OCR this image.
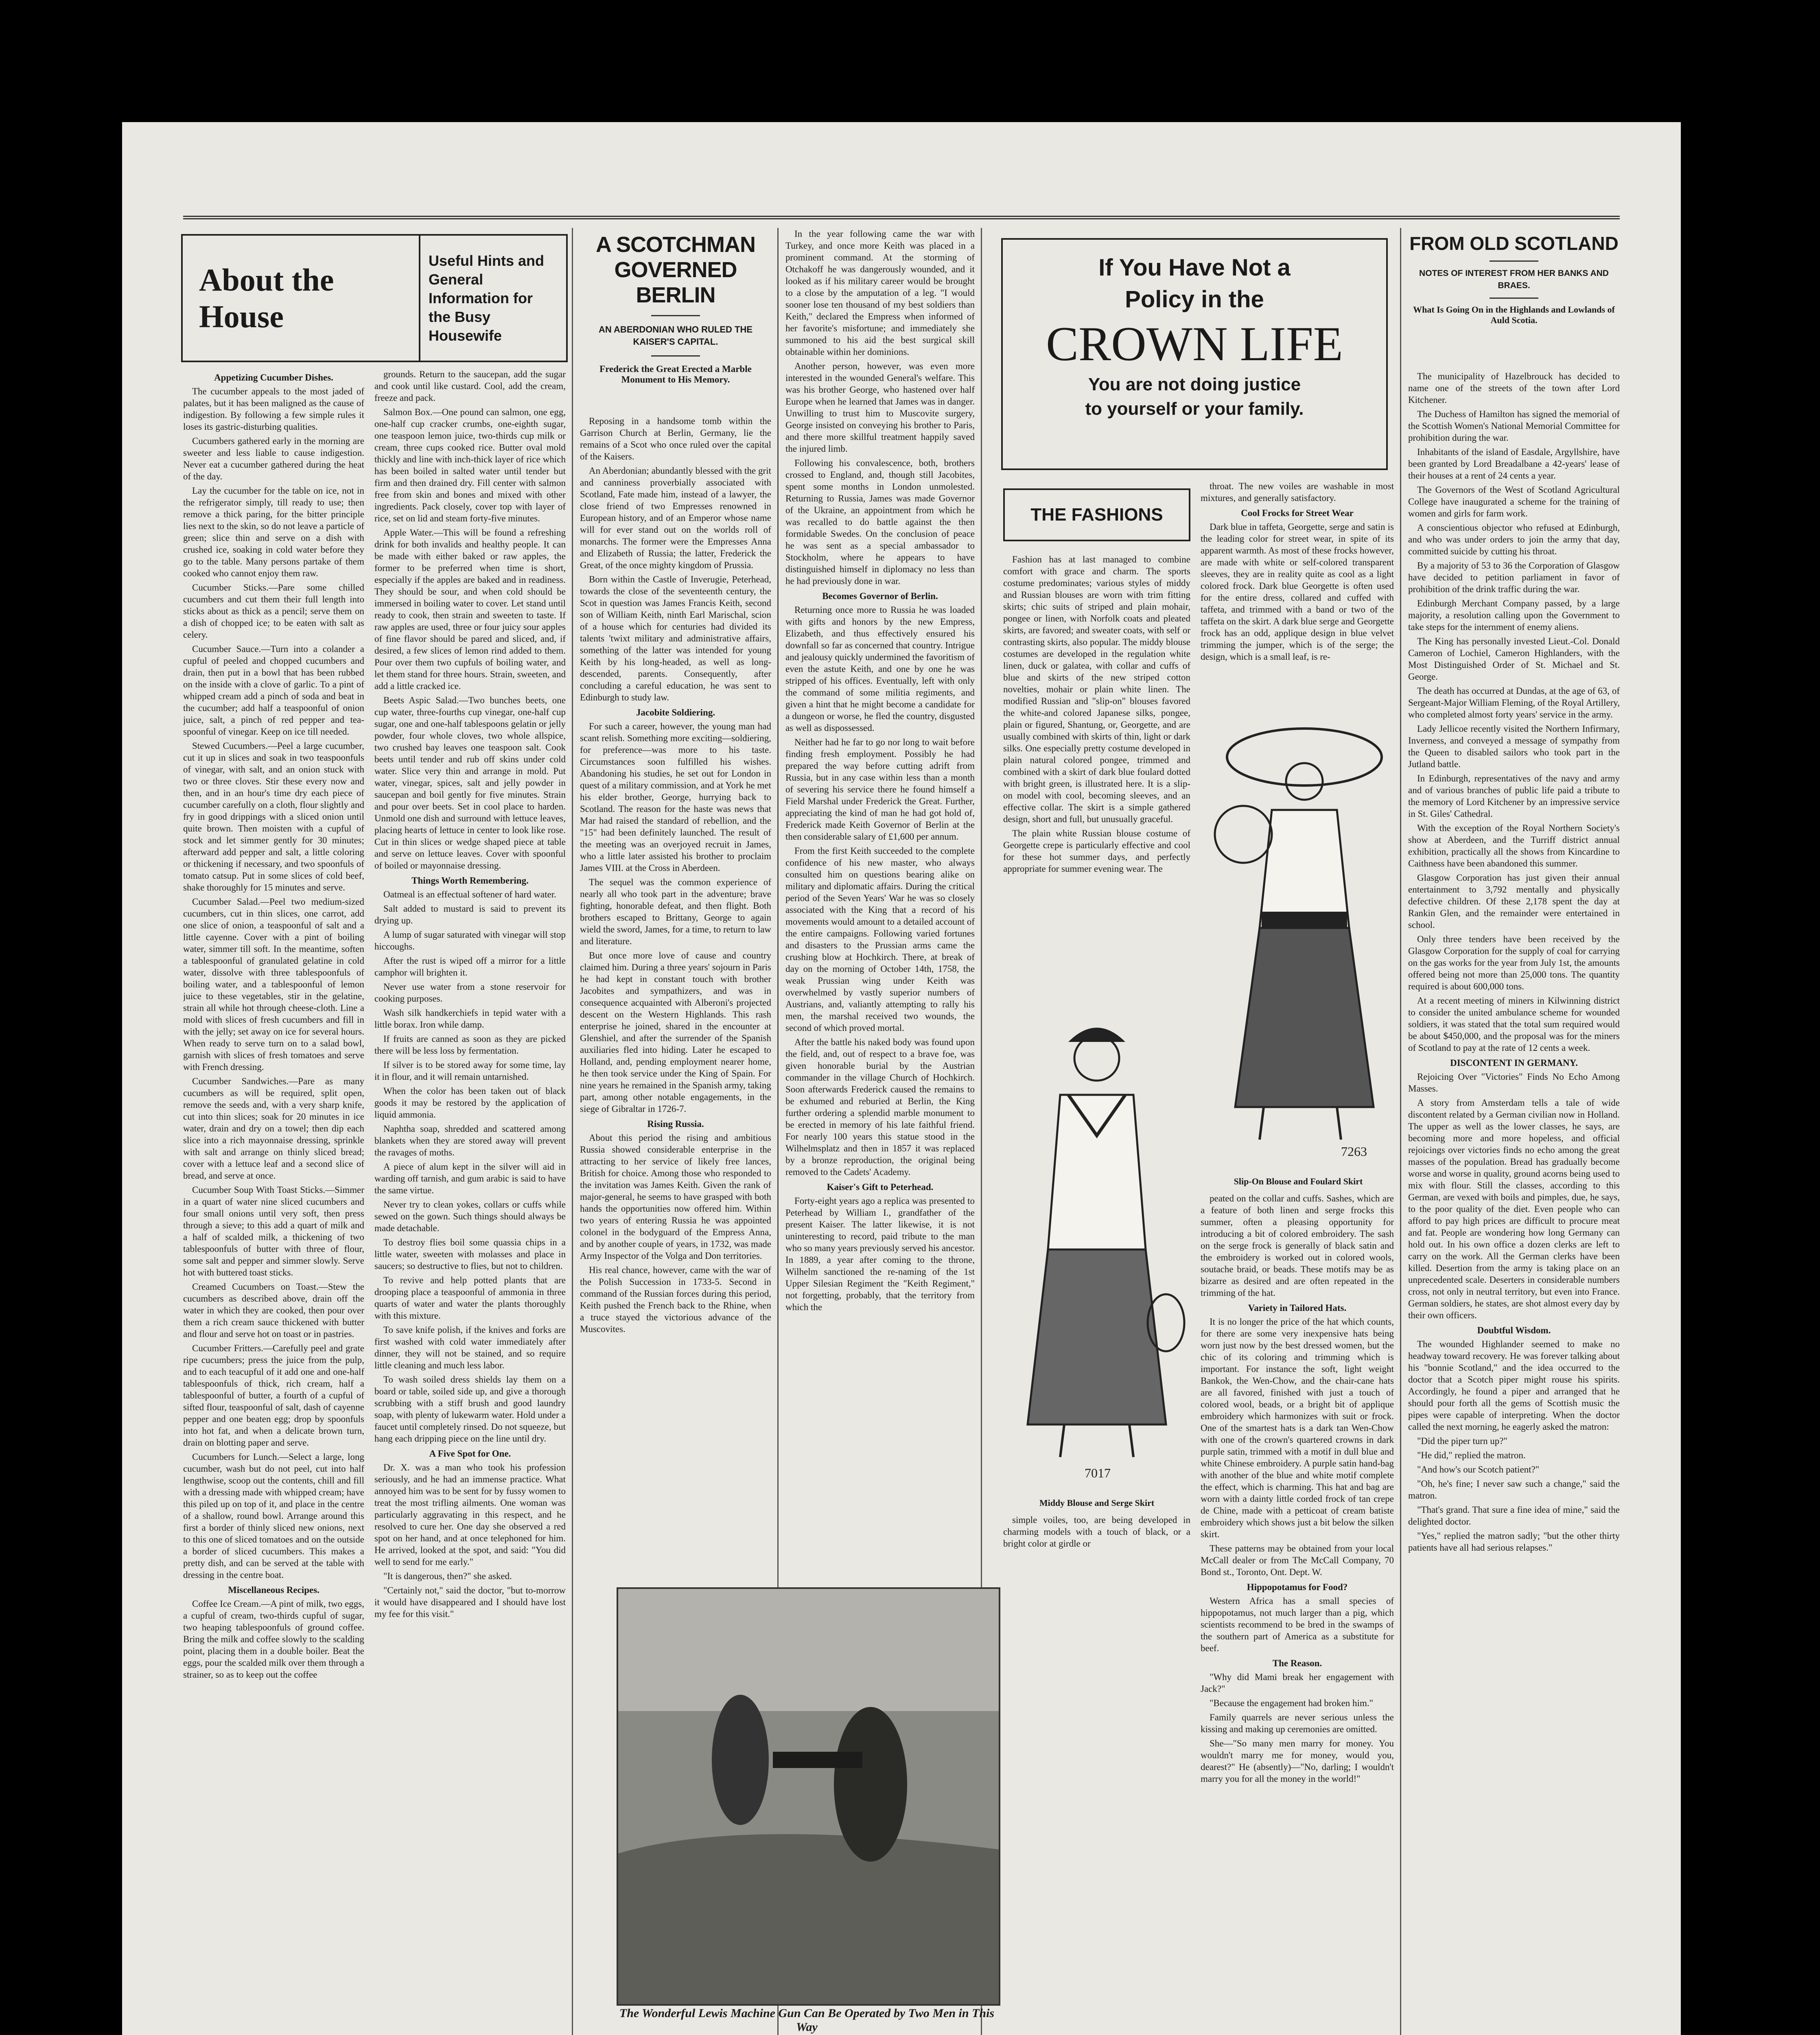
About the
House
Useful Hints and General Information for the Busy Housewife
Appetizing Cucumber Dishes.

The cucumber appeals to the most jaded of palates, but it has been maligned as the cause of indigestion. By following a few simple rules it loses its gastric-disturbing qualities.

Cucumbers gathered early in the morning are sweeter and less liable to cause indigestion. Never eat a cucumber gathered during the heat of the day.

Lay the cucumber for the table on ice, not in the refrigerator simply, till ready to use; then remove a thick paring, for the bitter principle lies next to the skin, so do not leave a particle of green; slice thin and serve on a dish with crushed ice, soaking in cold water before they go to the table. Many persons partake of them cooked who cannot enjoy them raw.

Cucumber Sticks.—Pare some chilled cucumbers and cut them their full length into sticks about as thick as a pencil; serve them on a dish of chopped ice; to be eaten with salt as celery.

Cucumber Sauce.—Turn into a colander a cupful of peeled and chopped cucumbers and drain, then put in a bowl that has been rubbed on the inside with a clove of garlic. To a pint of whipped cream add a pinch of soda and beat in the cucumber; add half a teaspoonful of onion juice, salt, a pinch of red pepper and tea-spoonful of vinegar. Keep on ice till needed.

Stewed Cucumbers.—Peel a large cucumber, cut it up in slices and soak in two teaspoonfuls of vinegar, with salt, and an onion stuck with two or three cloves. Stir these every now and then, and in an hour's time dry each piece of cucumber carefully on a cloth, flour slightly and fry in good drippings with a sliced onion until quite brown. Then moisten with a cupful of stock and let simmer gently for 30 minutes; afterward add pepper and salt, a little coloring or thickening if necessary, and two spoonfuls of tomato catsup. Put in some slices of cold beef, shake thoroughly for 15 minutes and serve.

Cucumber Salad.—Peel two medium-sized cucumbers, cut in thin slices, one carrot, add one slice of onion, a teaspoonful of salt and a little cayenne. Cover with a pint of boiling water, simmer till soft. In the meantime, soften a tablespoonful of granulated gelatine in cold water, dissolve with three tablespoonfuls of boiling water, and a tablespoonful of lemon juice to these vegetables, stir in the gelatine, strain all while hot through cheese-cloth. Line a mold with slices of fresh cucumbers and fill in with the jelly; set away on ice for several hours. When ready to serve turn on to a salad bowl, garnish with slices of fresh tomatoes and serve with French dressing.

Cucumber Sandwiches.—Pare as many cucumbers as will be required, split open, remove the seeds and, with a very sharp knife, cut into thin slices; soak for 20 minutes in ice water, drain and dry on a towel; then dip each slice into a rich mayonnaise dressing, sprinkle with salt and arrange on thinly sliced bread; cover with a lettuce leaf and a second slice of bread, and serve at once.

Cucumber Soup With Toast Sticks.—Simmer in a quart of water nine sliced cucumbers and four small onions until very soft, then press through a sieve; to this add a quart of milk and a half of scalded milk, a thickening of two tablespoonfuls of butter with three of flour, some salt and pepper and simmer slowly. Serve hot with buttered toast sticks.

Creamed Cucumbers on Toast.—Stew the cucumbers as described above, drain off the water in which they are cooked, then pour over them a rich cream sauce thickened with butter and flour and serve hot on toast or in pastries.

Cucumber Fritters.—Carefully peel and grate ripe cucumbers; press the juice from the pulp, and to each teacupful of it add one and one-half tablespoonfuls of thick, rich cream, half a tablespoonful of butter, a fourth of a cupful of sifted flour, teaspoonful of salt, dash of cayenne pepper and one beaten egg; drop by spoonfuls into hot fat, and when a delicate brown turn, drain on blotting paper and serve.

Cucumbers for Lunch.—Select a large, long cucumber, wash but do not peel, cut into half lengthwise, scoop out the contents, chill and fill with a dressing made with whipped cream; have this piled up on top of it, and place in the centre of a shallow, round bowl. Arrange around this first a border of thinly sliced new onions, next to this one of sliced tomatoes and on the outside a border of sliced cucumbers. This makes a pretty dish, and can be served at the table with dressing in the centre boat.

Miscellaneous Recipes.

Coffee Ice Cream.—A pint of milk, two eggs, a cupful of cream, two-thirds cupful of sugar, two heaping tablespoonfuls of ground coffee. Bring the milk and coffee slowly to the scalding point, placing them in a double boiler. Beat the eggs, pour the scalded milk over them through a strainer, so as to keep out the coffee

grounds. Return to the saucepan, add the sugar and cook until like custard. Cool, add the cream, freeze and pack.

Salmon Box.—One pound can salmon, one egg, one-half cup cracker crumbs, one-eighth sugar, one teaspoon lemon juice, two-thirds cup milk or cream, three cups cooked rice. Butter oval mold thickly and line with inch-thick layer of rice which has been boiled in salted water until tender but firm and then drained dry. Fill center with salmon free from skin and bones and mixed with other ingredients. Pack closely, cover top with layer of rice, set on lid and steam forty-five minutes.

Apple Water.—This will be found a refreshing drink for both invalids and healthy people. It can be made with either baked or raw apples, the former to be preferred when time is short, especially if the apples are baked and in readiness. They should be sour, and when cold should be immersed in boiling water to cover. Let stand until ready to cook, then strain and sweeten to taste. If raw apples are used, three or four juicy sour apples of fine flavor should be pared and sliced, and, if desired, a few slices of lemon rind added to them. Pour over them two cupfuls of boiling water, and let them stand for three hours. Strain, sweeten, and add a little cracked ice.

Beets Aspic Salad.—Two bunches beets, one cup water, three-fourths cup vinegar, one-half cup sugar, one and one-half tablespoons gelatin or jelly powder, four whole cloves, two whole allspice, two crushed bay leaves one teaspoon salt. Cook beets until tender and rub off skins under cold water. Slice very thin and arrange in mold. Put water, vinegar, spices, salt and jelly powder in saucepan and boil gently for five minutes. Strain and pour over beets. Set in cool place to harden. Unmold one dish and surround with lettuce leaves, placing hearts of lettuce in center to look like rose. Cut in thin slices or wedge shaped piece at table and serve on lettuce leaves. Cover with spoonful of boiled or mayonnaise dressing.

Things Worth Remembering.

Oatmeal is an effectual softener of hard water.

Salt added to mustard is said to prevent its drying up.

A lump of sugar saturated with vinegar will stop hiccoughs.

After the rust is wiped off a mirror for a little camphor will brighten it.

Never use water from a stone reservoir for cooking purposes.

Wash silk handkerchiefs in tepid water with a little borax. Iron while damp.

If fruits are canned as soon as they are picked there will be less loss by fermentation.

If silver is to be stored away for some time, lay it in flour, and it will remain untarnished.

When the color has been taken out of black goods it may be restored by the application of liquid ammonia.

Naphtha soap, shredded and scattered among blankets when they are stored away will prevent the ravages of moths.

A piece of alum kept in the silver will aid in warding off tarnish, and gum arabic is said to have the same virtue.

Never try to clean yokes, collars or cuffs while sewed on the gown. Such things should always be made detachable.

To destroy flies boil some quassia chips in a little water, sweeten with molasses and place in saucers; so destructive to flies, but not to children.

To revive and help potted plants that are drooping place a teaspoonful of ammonia in three quarts of water and water the plants thoroughly with this mixture.

To save knife polish, if the knives and forks are first washed with cold water immediately after dinner, they will not be stained, and so require little cleaning and much less labor.

To wash soiled dress shields lay them on a board or table, soiled side up, and give a thorough scrubbing with a stiff brush and good laundry soap, with plenty of lukewarm water. Hold under a faucet until completely rinsed. Do not squeeze, but hang each dripping piece on the line until dry.

A Five Spot for One.

Dr. X. was a man who took his profession seriously, and he had an immense practice. What annoyed him was to be sent for by fussy women to treat the most trifling ailments. One woman was particularly aggravating in this respect, and he resolved to cure her. One day she observed a red spot on her hand, and at once telephoned for him. He arrived, looked at the spot, and said: "You did well to send for me early."

"It is dangerous, then?" she asked.

"Certainly not," said the doctor, "but to-morrow it would have disappeared and I should have lost my fee for this visit."

A SCOTCHMAN
GOVERNED BERLIN
AN ABERDONIAN WHO RULED THE KAISER'S CAPITAL.
Frederick the Great Erected a Marble Monument to His Memory.

Reposing in a handsome tomb within the Garrison Church at Berlin, Germany, lie the remains of a Scot who once ruled over the capital of the Kaisers.

An Aberdonian; abundantly blessed with the grit and canniness proverbially associated with Scotland, Fate made him, instead of a lawyer, the close friend of two Empresses renowned in European history, and of an Emperor whose name will for ever stand out on the worlds roll of monarchs. The former were the Empresses Anna and Elizabeth of Russia; the latter, Frederick the Great, of the once mighty kingdom of Prussia.

Born within the Castle of Inverugie, Peterhead, towards the close of the seventeenth century, the Scot in question was James Francis Keith, second son of William Keith, ninth Earl Marischal, scion of a house which for centuries had divided its talents 'twixt military and administrative affairs, something of the latter was intended for young Keith by his long-headed, as well as long-descended, parents. Consequently, after concluding a careful education, he was sent to Edinburgh to study law.

Jacobite Soldiering.

For such a career, however, the young man had scant relish. Something more exciting—soldiering, for preference—was more to his taste. Circumstances soon fulfilled his wishes. Abandoning his studies, he set out for London in quest of a military commission, and at York he met his elder brother, George, hurrying back to Scotland. The reason for the haste was news that Mar had raised the standard of rebellion, and the "15" had been definitely launched. The result of the meeting was an overjoyed recruit in James, who a little later assisted his brother to proclaim James VIII. at the Cross in Aberdeen.

The sequel was the common experience of nearly all who took part in the adventure; brave fighting, honorable defeat, and then flight. Both brothers escaped to Brittany, George to again wield the sword, James, for a time, to return to law and literature.

But once more love of cause and country claimed him. During a three years' sojourn in Paris he had kept in constant touch with brother Jacobites and sympathizers, and was in consequence acquainted with Alberoni's projected descent on the Western Highlands. This rash enterprise he joined, shared in the encounter at Glenshiel, and after the surrender of the Spanish auxiliaries fled into hiding. Later he escaped to Holland, and, pending employment nearer home, he then took service under the King of Spain. For nine years he remained in the Spanish army, taking part, among other notable engagements, in the siege of Gibraltar in 1726-7.

Rising Russia.

About this period the rising and ambitious Russia showed considerable enterprise in the attracting to her service of likely free lances, British for choice. Among those who responded to the invitation was James Keith. Given the rank of major-general, he seems to have grasped with both hands the opportunities now offered him. Within two years of entering Russia he was appointed colonel in the bodyguard of the Empress Anna, and by another couple of years, in 1732, was made Army Inspector of the Volga and Don territories.

His real chance, however, came with the war of the Polish Succession in 1733-5. Second in command of the Russian forces during this period, Keith pushed the French back to the Rhine, when a truce stayed the victorious advance of the Muscovites.

In the year following came the war with Turkey, and once more Keith was placed in a prominent command. At the storming of Otchakoff he was dangerously wounded, and it looked as if his military career would be brought to a close by the amputation of a leg. "I would sooner lose ten thousand of my best soldiers than Keith," declared the Empress when informed of her favorite's misfortune; and immediately she summoned to his aid the best surgical skill obtainable within her dominions.

Another person, however, was even more interested in the wounded General's welfare. This was his brother George, who hastened over half Europe when he learned that James was in danger. Unwilling to trust him to Muscovite surgery, George insisted on conveying his brother to Paris, and there more skillful treatment happily saved the injured limb.

Following his convalescence, both, brothers crossed to England, and, though still Jacobites, spent some months in London unmolested. Returning to Russia, James was made Governor of the Ukraine, an appointment from which he was recalled to do battle against the then formidable Swedes. On the conclusion of peace he was sent as a special ambassador to Stockholm, where he appears to have distinguished himself in diplomacy no less than he had previously done in war.

Becomes Governor of Berlin.

Returning once more to Russia he was loaded with gifts and honors by the new Empress, Elizabeth, and thus effectively ensured his downfall so far as concerned that country. Intrigue and jealousy quickly undermined the favoritism of even the astute Keith, and one by one he was stripped of his offices. Eventually, left with only the command of some militia regiments, and given a hint that he might become a candidate for a dungeon or worse, he fled the country, disgusted as well as dispossessed.

Neither had he far to go nor long to wait before finding fresh employment. Possibly he had prepared the way before cutting adrift from Russia, but in any case within less than a month of severing his service there he found himself a Field Marshal under Frederick the Great. Further, appreciating the kind of man he had got hold of, Frederick made Keith Governor of Berlin at the then considerable salary of £1,600 per annum.

From the first Keith succeeded to the complete confidence of his new master, who always consulted him on questions bearing alike on military and diplomatic affairs. During the critical period of the Seven Years' War he was so closely associated with the King that a record of his movements would amount to a detailed account of the entire campaigns. Following varied fortunes and disasters to the Prussian arms came the crushing blow at Hochkirch. There, at break of day on the morning of October 14th, 1758, the weak Prussian wing under Keith was overwhelmed by vastly superior numbers of Austrians, and, valiantly attempting to rally his men, the marshal received two wounds, the second of which proved mortal.

After the battle his naked body was found upon the field, and, out of respect to a brave foe, was given honorable burial by the Austrian commander in the village Church of Hochkirch. Soon afterwards Frederick caused the remains to be exhumed and reburied at Berlin, the King further ordering a splendid marble monument to be erected in memory of his late faithful friend. For nearly 100 years this statue stood in the Wilhelmsplatz and then in 1857 it was replaced by a bronze reproduction, the original being removed to the Cadets' Academy.

Kaiser's Gift to Peterhead.

Forty-eight years ago a replica was presented to Peterhead by William I., grandfather of the present Kaiser. The latter likewise, it is not uninteresting to record, paid tribute to the man who so many years previously served his ancestor. In 1889, a year after coming to the throne, Wilhelm sanctioned the re-naming of the 1st Upper Silesian Regiment the "Keith Regiment," not forgetting, probably, that the territory from which the

If You Have Not a
Policy in the
CROWN LIFE
You are not doing justice
to yourself or your family.
THE FASHIONS

Fashion has at last managed to combine comfort with grace and charm. The sports costume predominates; various styles of middy and Russian blouses are worn with trim fitting skirts; chic suits of striped and plain mohair, pongee or linen, with Norfolk coats and pleated skirts, are favored; and sweater coats, with self or contrasting skirts, also popular. The middy blouse costumes are developed in the regulation white linen, duck or galatea, with collar and cuffs of blue and skirts of the new striped cotton novelties, mohair or plain white linen. The modified Russian and "slip-on" blouses favored the white-and colored Japanese silks, pongee, plain or figured, Shantung, or, Georgette, and are usually combined with skirts of thin, light or dark silks. One especially pretty costume developed in plain natural colored pongee, trimmed and combined with a skirt of dark blue foulard dotted with bright green, is illustrated here. It is a slip-on model with cool, becoming sleeves, and an effective collar. The skirt is a simple gathered design, short and full, but unusually graceful.

The plain white Russian blouse costume of Georgette crepe is particularly effective and cool for these hot summer days, and perfectly appropriate for summer evening wear. The

throat. The new voiles are washable in most mixtures, and generally satisfactory.

Cool Frocks for Street Wear

Dark blue in taffeta, Georgette, serge and satin is the leading color for street wear, in spite of its apparent warmth. As most of these frocks however, are made with white or self-colored transparent sleeves, they are in reality quite as cool as a light colored frock. Dark blue Georgette is often used for the entire dress, collared and cuffed with taffeta, and trimmed with a band or two of the taffeta on the skirt. A dark blue serge and Georgette frock has an odd, applique design in blue velvet trimming the jumper, which is of the serge; the design, which is a small leaf, is re-

7263
Slip-On Blouse and Foulard Skirt
7017
Middy Blouse and Serge Skirt

simple voiles, too, are being developed in charming models with a touch of black, or a bright color at girdle or

peated on the collar and cuffs. Sashes, which are a feature of both linen and serge frocks this summer, often a pleasing opportunity for introducing a bit of colored embroidery. The sash on the serge frock is generally of black satin and the embroidery is worked out in colored wools, soutache braid, or beads. These motifs may be as bizarre as desired and are often repeated in the trimming of the hat.

Variety in Tailored Hats.

It is no longer the price of the hat which counts, for there are some very inexpensive hats being worn just now by the best dressed women, but the chic of its coloring and trimming which is important. For instance the soft, light weight Bankok, the Wen-Chow, and the chair-cane hats are all favored, finished with just a touch of colored wool, beads, or a bright bit of applique embroidery which harmonizes with suit or frock. One of the smartest hats is a dark tan Wen-Chow with one of the crown's quartered crowns in dark purple satin, trimmed with a motif in dull blue and white Chinese embroidery. A purple satin hand-bag with another of the blue and white motif complete the effect, which is charming. This hat and bag are worn with a dainty little corded frock of tan crepe de Chine, made with a petticoat of cream batiste embroidery which shows just a bit below the silken skirt.

These patterns may be obtained from your local McCall dealer or from The McCall Company, 70 Bond st., Toronto, Ont. Dept. W.

Hippopotamus for Food?

Western Africa has a small species of hippopotamus, not much larger than a pig, which scientists recommend to be bred in the swamps of the southern part of America as a substitute for beef.

The Reason.

"Why did Mami break her engagement with Jack?"

"Because the engagement had broken him."

Family quarrels are never serious unless the kissing and making up ceremonies are omitted.

She—"So many men marry for money. You wouldn't marry me for money, would you, dearest?" He (absently)—"No, darling; I wouldn't marry you for all the money in the world!"

The Wonderful Lewis Machine Gun Can Be Operated by Two Men in This Way
FROM OLD SCOTLAND
NOTES OF INTEREST FROM HER BANKS AND BRAES.
What Is Going On in the Highlands and Lowlands of Auld Scotia.

The municipality of Hazelbrouck has decided to name one of the streets of the town after Lord Kitchener.

The Duchess of Hamilton has signed the memorial of the Scottish Women's National Memorial Committee for prohibition during the war.

Inhabitants of the island of Easdale, Argyllshire, have been granted by Lord Breadalbane a 42-years' lease of their houses at a rent of 24 cents a year.

The Governors of the West of Scotland Agricultural College have inaugurated a scheme for the training of women and girls for farm work.

A conscientious objector who refused at Edinburgh, and who was under orders to join the army that day, committed suicide by cutting his throat.

By a majority of 53 to 36 the Corporation of Glasgow have decided to petition parliament in favor of prohibition of the drink traffic during the war.

Edinburgh Merchant Company passed, by a large majority, a resolution calling upon the Government to take steps for the internment of enemy aliens.

The King has personally invested Lieut.-Col. Donald Cameron of Lochiel, Cameron Highlanders, with the Most Distinguished Order of St. Michael and St. George.

The death has occurred at Dundas, at the age of 63, of Sergeant-Major William Fleming, of the Royal Artillery, who completed almost forty years' service in the army.

Lady Jellicoe recently visited the Northern Infirmary, Inverness, and conveyed a message of sympathy from the Queen to disabled sailors who took part in the Jutland battle.

In Edinburgh, representatives of the navy and army and of various branches of public life paid a tribute to the memory of Lord Kitchener by an impressive service in St. Giles' Cathedral.

With the exception of the Royal Northern Society's show at Aberdeen, and the Turriff district annual exhibition, practically all the shows from Kincardine to Caithness have been abandoned this summer.

Glasgow Corporation has just given their annual entertainment to 3,792 mentally and physically defective children. Of these 2,178 spent the day at Rankin Glen, and the remainder were entertained in school.

Only three tenders have been received by the Glasgow Corporation for the supply of coal for carrying on the gas works for the year from July 1st, the amounts offered being not more than 25,000 tons. The quantity required is about 600,000 tons.

At a recent meeting of miners in Kilwinning district to consider the united ambulance scheme for wounded soldiers, it was stated that the total sum required would be about $450,000, and the proposal was for the miners of Scotland to pay at the rate of 12 cents a week.

DISCONTENT IN GERMANY.

Rejoicing Over "Victories" Finds No Echo Among Masses.

A story from Amsterdam tells a tale of wide discontent related by a German civilian now in Holland. The upper as well as the lower classes, he says, are becoming more and more hopeless, and official rejoicings over victories finds no echo among the great masses of the population. Bread has gradually become worse and worse in quality, ground acorns being used to mix with flour. Still the classes, according to this German, are vexed with boils and pimples, due, he says, to the poor quality of the diet. Even people who can afford to pay high prices are difficult to procure meat and fat. People are wondering how long Germany can hold out. In his own office a dozen clerks are left to carry on the work. All the German clerks have been killed. Desertion from the army is taking place on an unprecedented scale. Deserters in considerable numbers cross, not only in neutral territory, but even into France. German soldiers, he states, are shot almost every day by their own officers.

Doubtful Wisdom.

The wounded Highlander seemed to make no headway toward recovery. He was forever talking about his "bonnie Scotland," and the idea occurred to the doctor that a Scotch piper might rouse his spirits. Accordingly, he found a piper and arranged that he should pour forth all the gems of Scottish music the pipes were capable of interpreting. When the doctor called the next morning, he eagerly asked the matron:

"Did the piper turn up?"

"He did," replied the matron.

"And how's our Scotch patient?"

"Oh, he's fine; I never saw such a change," said the matron.

"That's grand. That sure a fine idea of mine," said the delighted doctor.

"Yes," replied the matron sadly; "but the other thirty patients have all had serious relapses."
